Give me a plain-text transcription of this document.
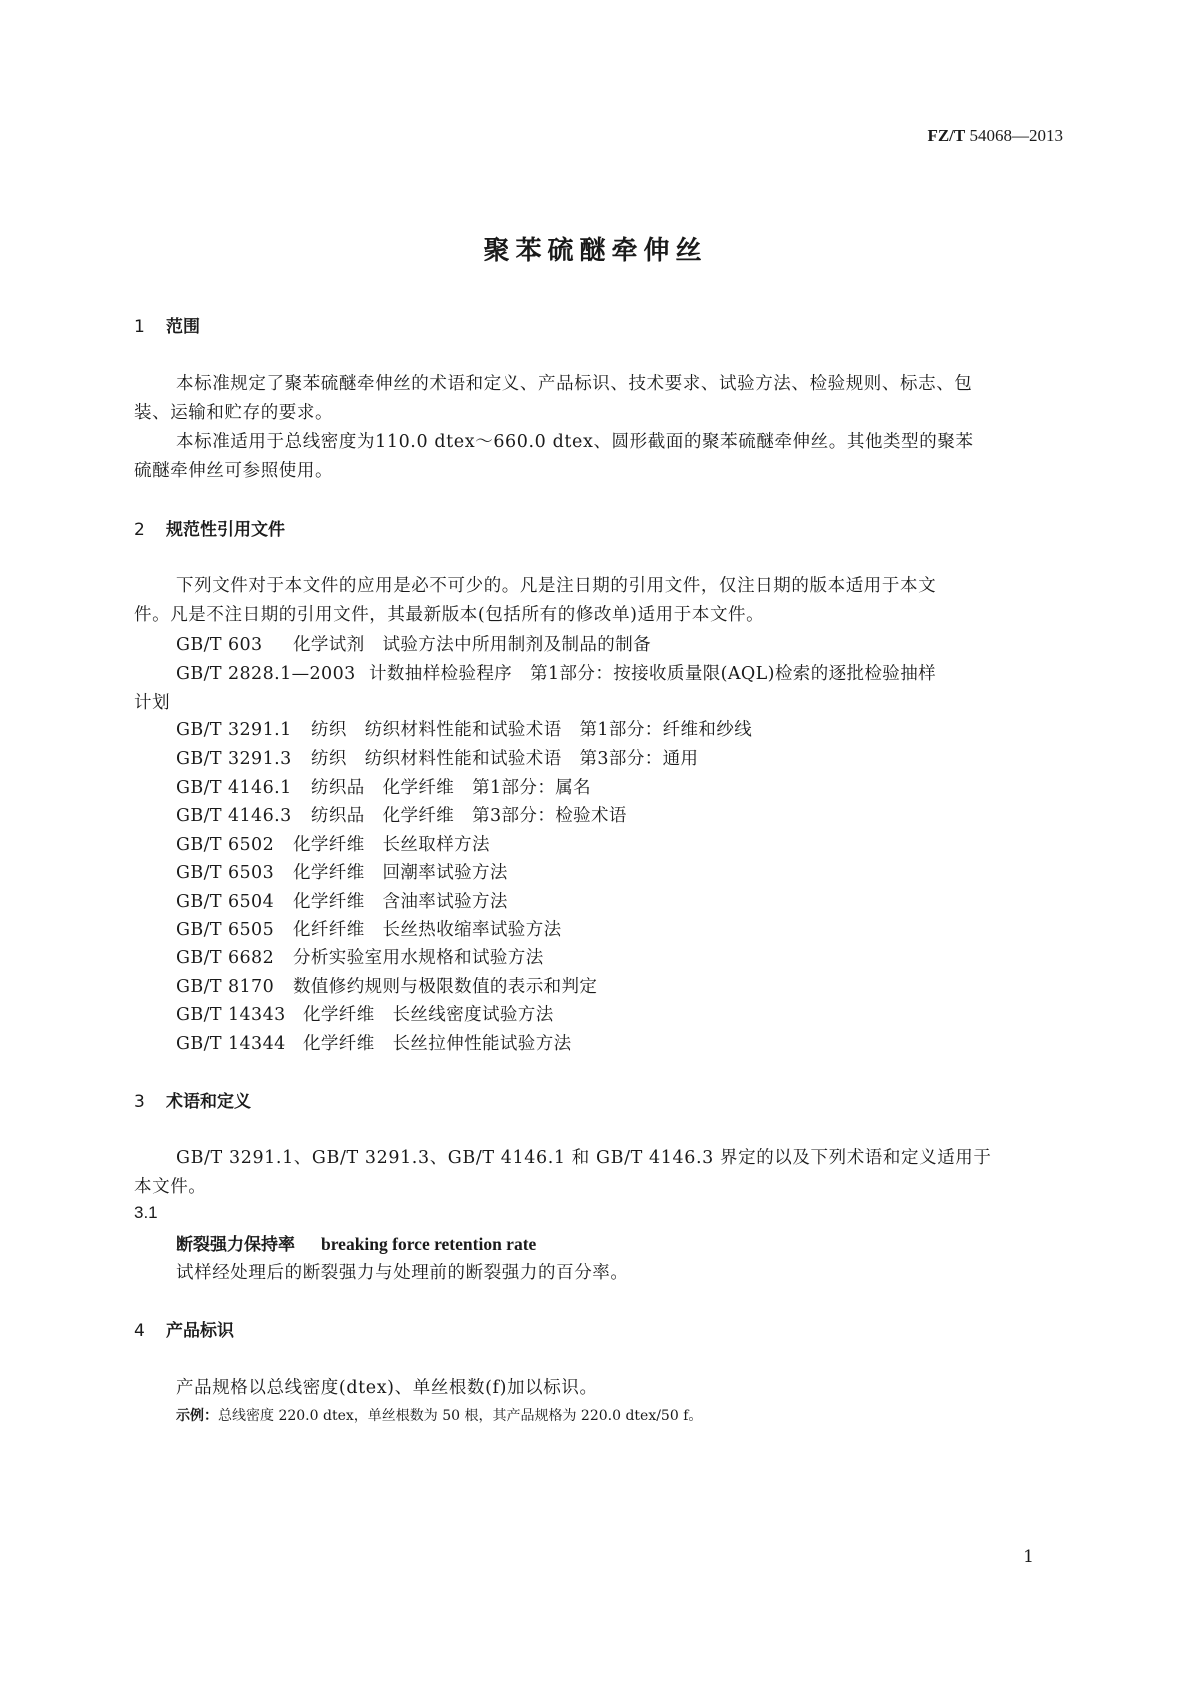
FZ/T 54068—2013
聚苯硫醚牵伸丝
1 范围
本标准规定了聚苯硫醚牵伸丝的术语和定义、产品标识、技术要求、试验方法、检验规则、标志、包
装、运输和贮存的要求。
本标准适用于总线密度为110.0 dtex～660.0 dtex、圆形截面的聚苯硫醚牵伸丝。其他类型的聚苯
硫醚牵伸丝可参照使用。
2 规范性引用文件
下列文件对于本文件的应用是必不可少的。凡是注日期的引用文件，仅注日期的版本适用于本文
件。凡是不注日期的引用文件，其最新版本(包括所有的修改单)适用于本文件。
GB/T 603 化学试剂　试验方法中所用制剂及制品的制备
GB/T 2828.1—2003 计数抽样检验程序　第1部分：按接收质量限(AQL)检索的逐批检验抽样
计划
GB/T 3291.1 纺织　纺织材料性能和试验术语　第1部分：纤维和纱线
GB/T 3291.3 纺织　纺织材料性能和试验术语　第3部分：通用
GB/T 4146.1 纺织品　化学纤维　第1部分：属名
GB/T 4146.3 纺织品　化学纤维　第3部分：检验术语
GB/T 6502 化学纤维　长丝取样方法
GB/T 6503 化学纤维　回潮率试验方法
GB/T 6504 化学纤维　含油率试验方法
GB/T 6505 化纤纤维　长丝热收缩率试验方法
GB/T 6682 分析实验室用水规格和试验方法
GB/T 8170 数值修约规则与极限数值的表示和判定
GB/T 14343 化学纤维　长丝线密度试验方法
GB/T 14344 化学纤维　长丝拉伸性能试验方法
3 术语和定义
GB/T 3291.1、GB/T 3291.3、GB/T 4146.1 和 GB/T 4146.3 界定的以及下列术语和定义适用于
本文件。
3.1
断裂强力保持率 breaking force retention rate
试样经处理后的断裂强力与处理前的断裂强力的百分率。
4 产品标识
产品规格以总线密度(dtex)、单丝根数(f)加以标识。
示例：总线密度 220.0 dtex，单丝根数为 50 根，其产品规格为 220.0 dtex/50 f。
1
